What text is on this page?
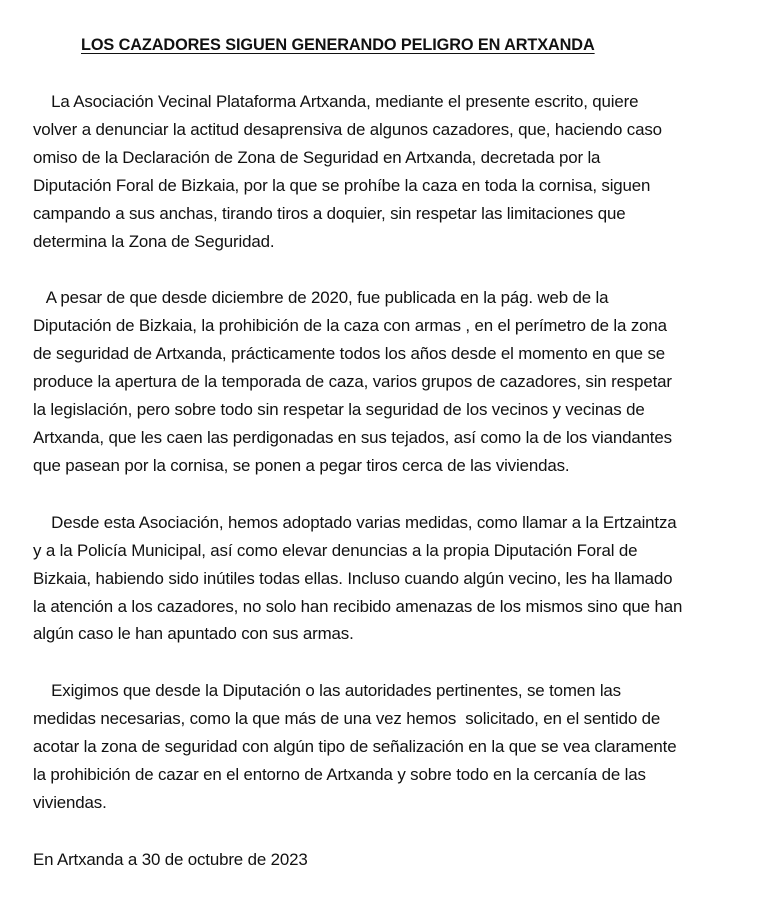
LOS CAZADORES SIGUEN GENERANDO PELIGRO EN ARTXANDA

La Asociación Vecinal Plataforma Artxanda, mediante el presente escrito, quiere
volver a denunciar la actitud desaprensiva de algunos cazadores, que, haciendo caso
omiso de la Declaración de Zona de Seguridad en Artxanda, decretada por la
Diputación Foral de Bizkaia, por la que se prohíbe la caza en toda la cornisa, siguen
campando a sus anchas, tirando tiros a doquier, sin respetar las limitaciones que
determina la Zona de Seguridad.

A pesar de que desde diciembre de 2020, fue publicada en la pág. web de la
Diputación de Bizkaia, la prohibición de la caza con armas , en el perímetro de la zona
de seguridad de Artxanda, prácticamente todos los años desde el momento en que se
produce la apertura de la temporada de caza, varios grupos de cazadores, sin respetar
la legislación, pero sobre todo sin respetar la seguridad de los vecinos y vecinas de
Artxanda, que les caen las perdigonadas en sus tejados, así como la de los viandantes
que pasean por la cornisa, se ponen a pegar tiros cerca de las viviendas.

Desde esta Asociación, hemos adoptado varias medidas, como llamar a la Ertzaintza
y a la Policía Municipal, así como elevar denuncias a la propia Diputación Foral de
Bizkaia, habiendo sido inútiles todas ellas. Incluso cuando algún vecino, les ha llamado
la atención a los cazadores, no solo han recibido amenazas de los mismos sino que han
algún caso le han apuntado con sus armas.

Exigimos que desde la Diputación o las autoridades pertinentes, se tomen las
medidas necesarias, como la que más de una vez hemos  solicitado, en el sentido de
acotar la zona de seguridad con algún tipo de señalización en la que se vea claramente
la prohibición de cazar en el entorno de Artxanda y sobre todo en la cercanía de las
viviendas.

En Artxanda a 30 de octubre de 2023
